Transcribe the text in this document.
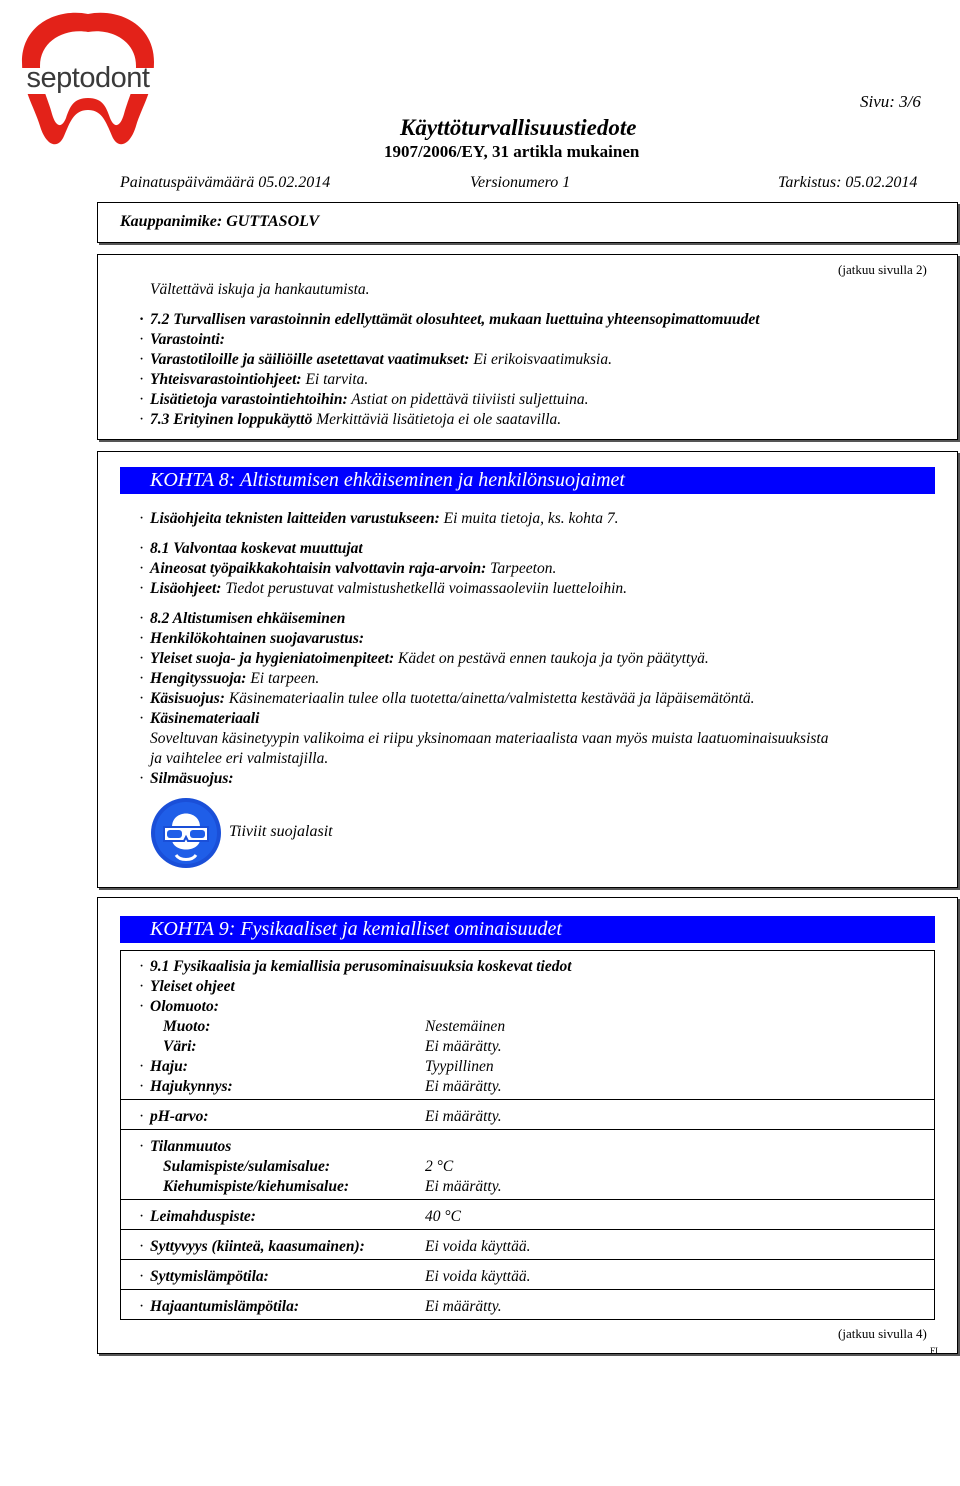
septodont
Sivu: 3/6
Käyttöturvallisuustiedote
1907/2006/EY, 31 artikla mukainen
Painatuspäivämäärä 05.02.2014	Versionumero 1	Tarkistus: 05.02.2014
Kauppanimike: GUTTASOLV
(jatkuu sivulla 2)
Vältettävä iskuja ja hankautumista.
· 7.2 Turvallisen varastoinnin edellyttämät olosuhteet, mukaan luettuina yhteensopimattomuudet
· Varastointi:
· Varastotiloille ja säiliöille asetettavat vaatimukset: Ei erikoisvaatimuksia.
· Yhteisvarastointiohjeet: Ei tarvita.
· Lisätietoja varastointiehtoihin: Astiat on pidettävä tiiviisti suljettuina.
· 7.3 Erityinen loppukäyttö Merkittäviä lisätietoja ei ole saatavilla.
KOHTA 8: Altistumisen ehkäiseminen ja henkilönsuojaimet
· Lisäohjeita teknisten laitteiden varustukseen: Ei muita tietoja, ks. kohta 7.
· 8.1 Valvontaa koskevat muuttujat
· Aineosat työpaikkakohtaisin valvottavin raja-arvoin: Tarpeeton.
· Lisäohjeet: Tiedot perustuvat valmistushetkellä voimassaoleviin luetteloihin.
· 8.2 Altistumisen ehkäiseminen
· Henkilökohtainen suojavarustus:
· Yleiset suoja- ja hygieniatoimenpiteet: Kädet on pestävä ennen taukoja ja työn päätyttyä.
· Hengityssuoja: Ei tarpeen.
· Käsisuojus: Käsinemateriaalin tulee olla tuotetta/ainetta/valmistetta kestävää ja läpäisemätöntä.
· Käsinemateriaali
Soveltuvan käsinetyypin valikoima ei riipu yksinomaan materiaalista vaan myös muista laatuominaisuuksista
ja vaihtelee eri valmistajilla.
· Silmäsuojus:
Tiiviit suojalasit
KOHTA 9: Fysikaaliset ja kemialliset ominaisuudet
· 9.1 Fysikaalisia ja kemiallisia perusominaisuuksia koskevat tiedot
· Yleiset ohjeet
· Olomuoto:
Muoto:	Nestemäinen
Väri:	Ei määrätty.
· Haju:	Tyypillinen
· Hajukynnys:	Ei määrätty.
· pH-arvo:	Ei määrätty.
· Tilanmuutos
Sulamispiste/sulamisalue:	2 °C
Kiehumispiste/kiehumisalue:	Ei määrätty.
· Leimahduspiste:	40 °C
· Syttyvyys (kiinteä, kaasumainen):	Ei voida käyttää.
· Syttymislämpötila:	Ei voida käyttää.
· Hajaantumislämpötila:	Ei määrätty.
(jatkuu sivulla 4)
FI
